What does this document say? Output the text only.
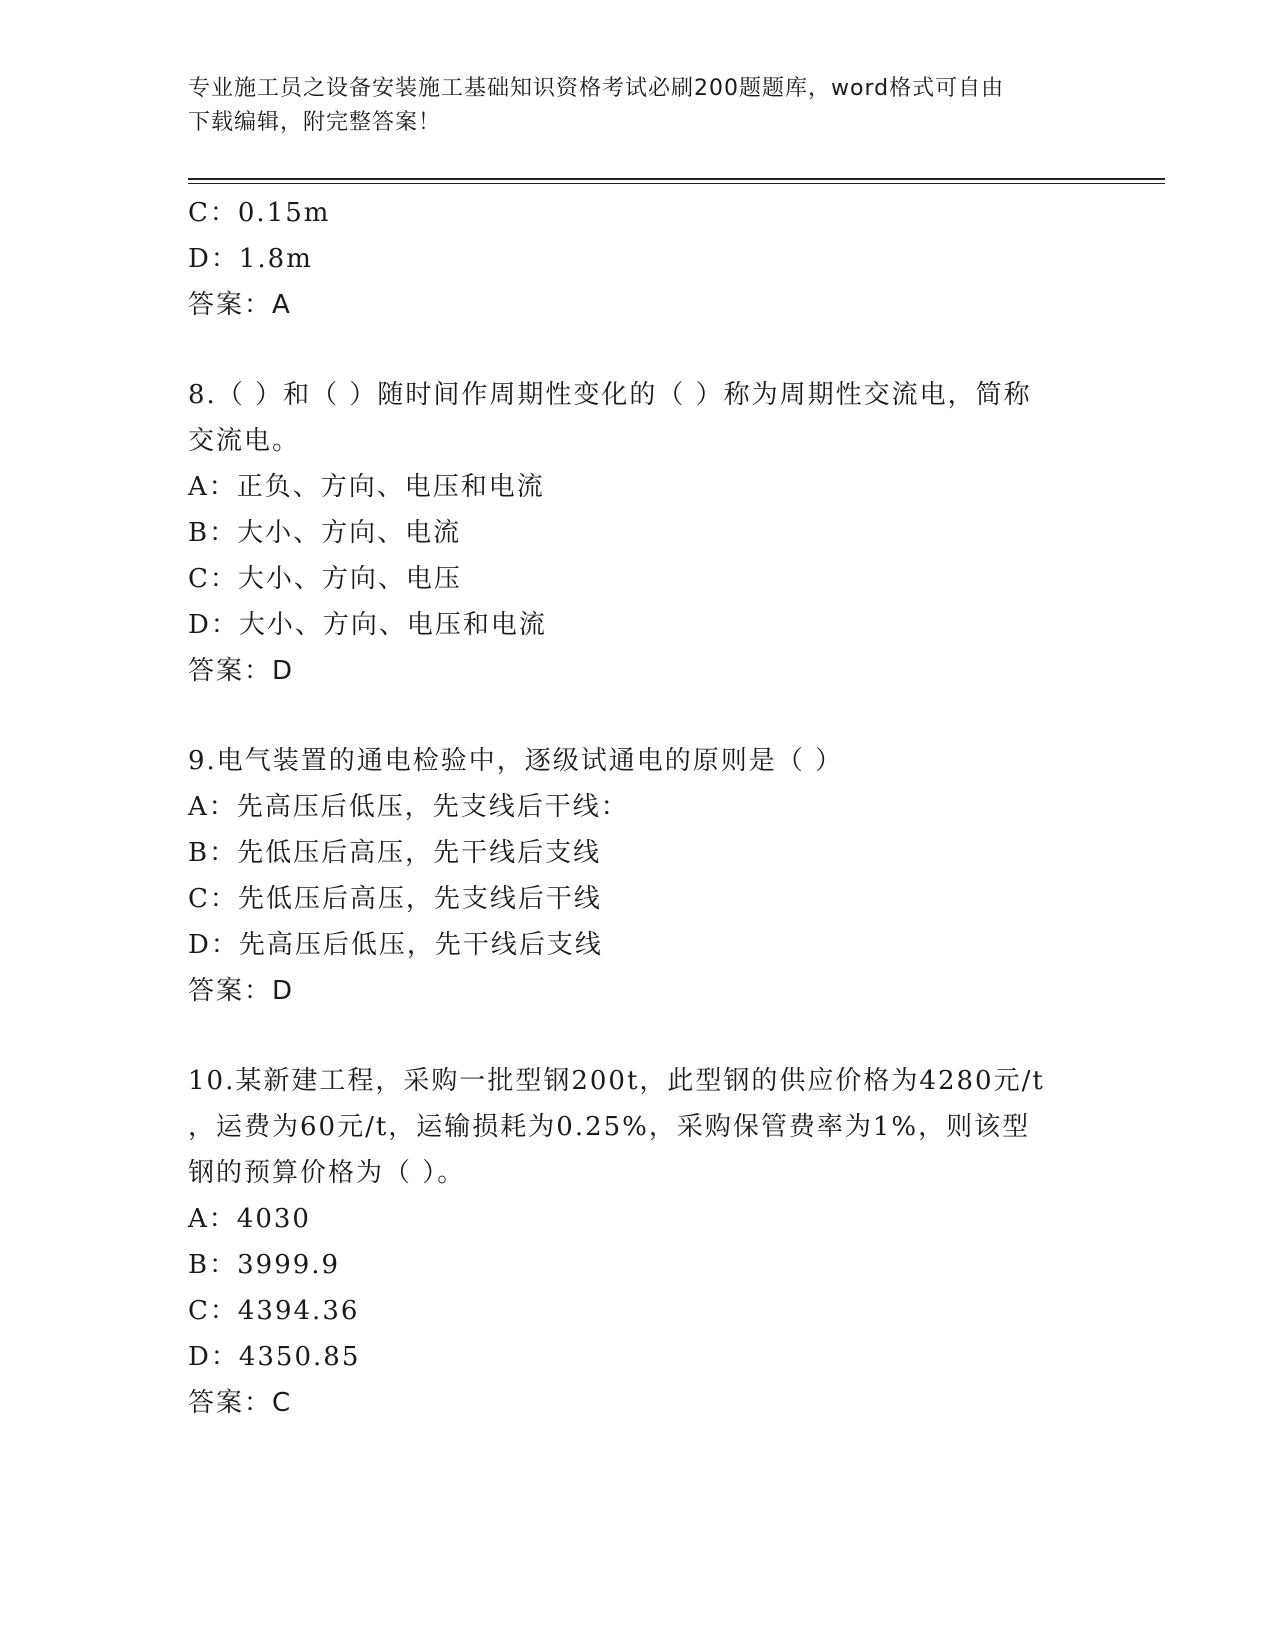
专业施工员之设备安装施工基础知识资格考试必刷200题题库，word格式可自由
下载编辑，附完整答案！
C：0.15m
D：1.8m
答案：A
8.（ ）和（ ）随时间作周期性变化的（ ）称为周期性交流电，简称
交流电。
A：正负、方向、电压和电流
B：大小、方向、电流
C：大小、方向、电压
D：大小、方向、电压和电流
答案：D
9.电气装置的通电检验中，逐级试通电的原则是（ ）
A：先高压后低压，先支线后干线：
B：先低压后高压，先干线后支线
C：先低压后高压，先支线后干线
D：先高压后低压，先干线后支线
答案：D
10.某新建工程，采购一批型钢200t，此型钢的供应价格为4280元/t
，运费为60元/t，运输损耗为0.25%，采购保管费率为1%，则该型
钢的预算价格为（ ）。
A：4030
B：3999.9
C：4394.36
D：4350.85
答案：C
